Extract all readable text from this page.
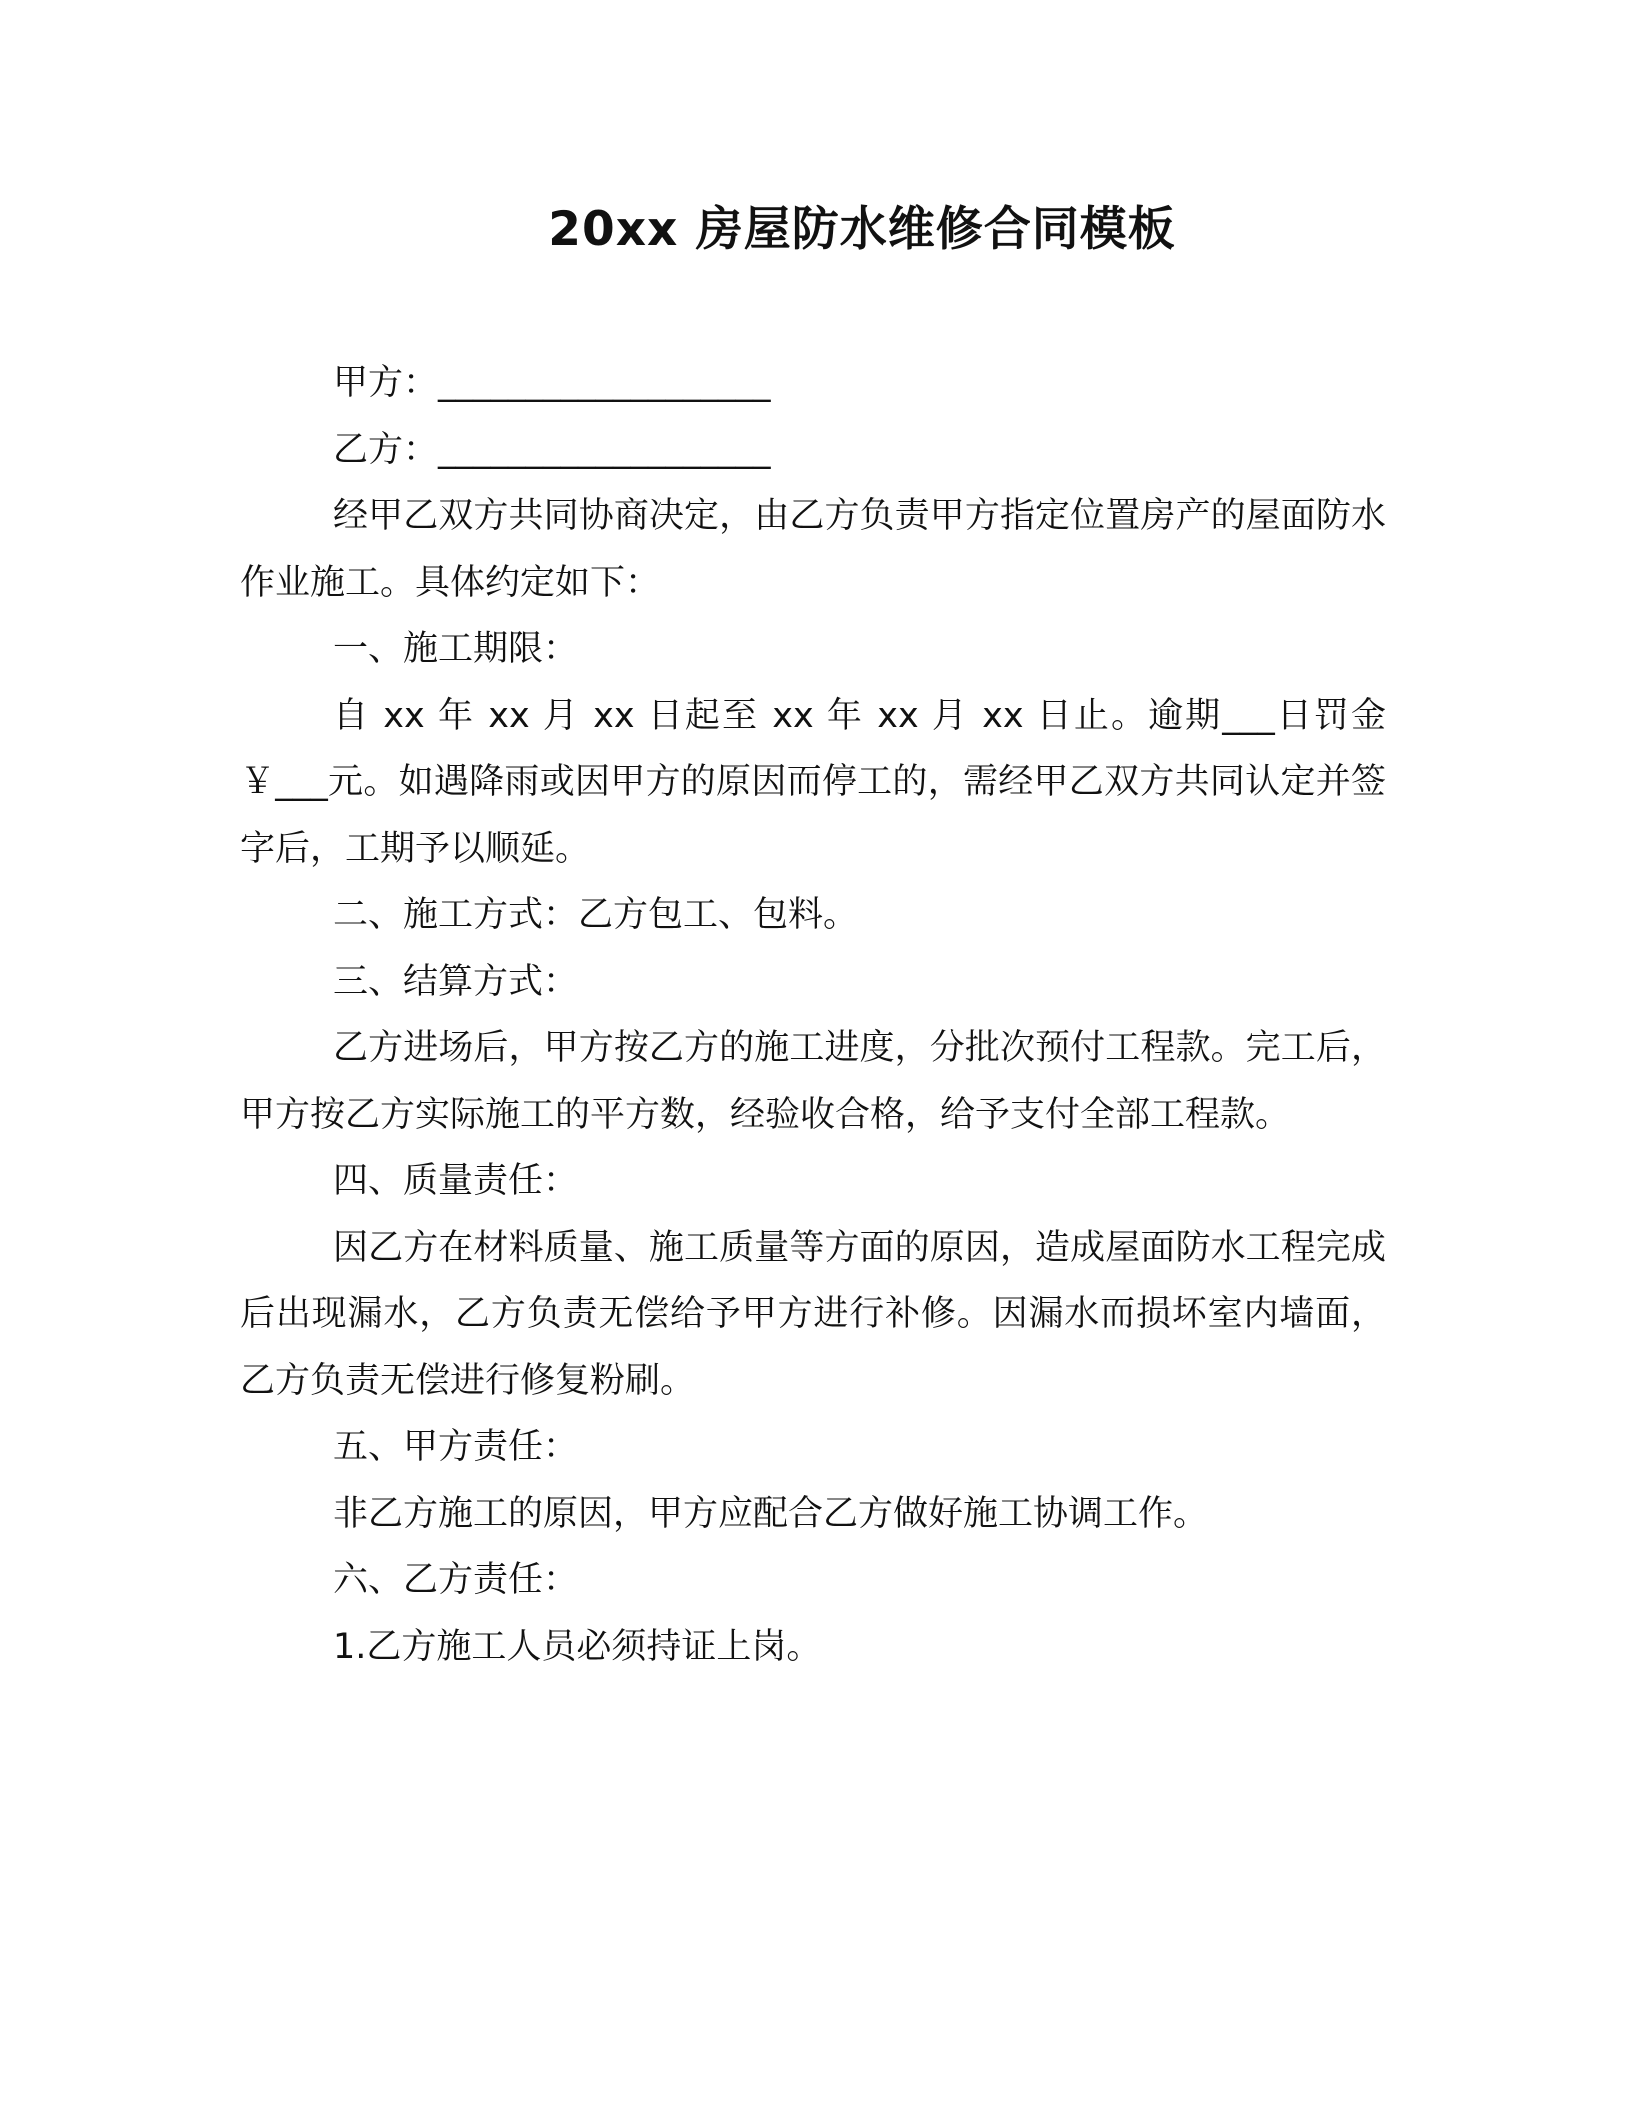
20xx 房屋防水维修合同模板

甲方：___________________

乙方：___________________

经甲乙双方共同协商决定，由乙方负责甲方指定位置房产的屋面防水作业施工。具体约定如下：

一、施工期限：

自 xx 年 xx 月 xx 日起至 xx 年 xx 月 xx 日止。逾期___日罚金￥___元。如遇降雨或因甲方的原因而停工的，需经甲乙双方共同认定并签字后，工期予以顺延。

二、施工方式：乙方包工、包料。

三、结算方式：

乙方进场后，甲方按乙方的施工进度，分批次预付工程款。完工后，甲方按乙方实际施工的平方数，经验收合格，给予支付全部工程款。

四、质量责任：

因乙方在材料质量、施工质量等方面的原因，造成屋面防水工程完成后出现漏水，乙方负责无偿给予甲方进行补修。因漏水而损坏室内墙面，乙方负责无偿进行修复粉刷。

五、甲方责任：

非乙方施工的原因，甲方应配合乙方做好施工协调工作。

六、乙方责任：

1.乙方施工人员必须持证上岗。
